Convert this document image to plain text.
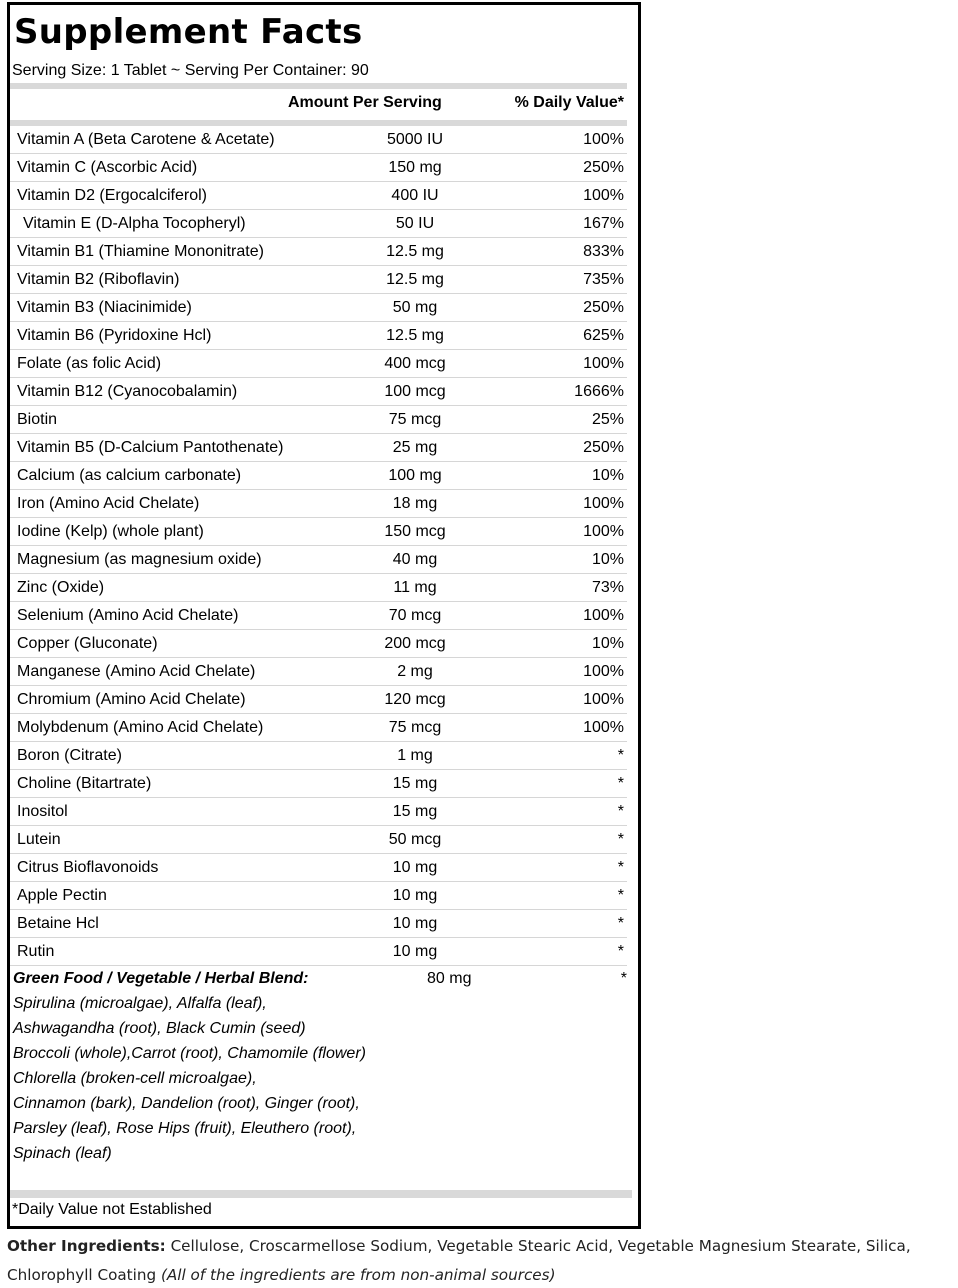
Supplement Facts
Serving Size: 1 Tablet ~ Serving Per Container: 90
Amount Per Serving	% Daily Value*
Vitamin A (Beta Carotene & Acetate)	5000 IU	100%
Vitamin C (Ascorbic Acid)	150 mg	250%
Vitamin D2 (Ergocalciferol)	400 IU	100%
Vitamin E (D-Alpha Tocopheryl)	50 IU	167%
Vitamin B1 (Thiamine Mononitrate)	12.5 mg	833%
Vitamin B2 (Riboflavin)	12.5 mg	735%
Vitamin B3 (Niacinimide)	50 mg	250%
Vitamin B6 (Pyridoxine Hcl)	12.5 mg	625%
Folate (as folic Acid)	400 mcg	100%
Vitamin B12 (Cyanocobalamin)	100 mcg	1666%
Biotin	75 mcg	25%
Vitamin B5 (D-Calcium Pantothenate)	25 mg	250%
Calcium (as calcium carbonate)	100 mg	10%
Iron (Amino Acid Chelate)	18 mg	100%
Iodine (Kelp) (whole plant)	150 mcg	100%
Magnesium (as magnesium oxide)	40 mg	10%
Zinc (Oxide)	11 mg	73%
Selenium (Amino Acid Chelate)	70 mcg	100%
Copper (Gluconate)	200 mcg	10%
Manganese (Amino Acid Chelate)	2 mg	100%
Chromium (Amino Acid Chelate)	120 mcg	100%
Molybdenum (Amino Acid Chelate)	75 mcg	100%
Boron (Citrate)	1 mg	*
Choline (Bitartrate)	15 mg	*
Inositol	15 mg	*
Lutein	50 mcg	*
Citrus Bioflavonoids	10 mg	*
Apple Pectin	10 mg	*
Betaine Hcl	10 mg	*
Rutin	10 mg	*
Green Food / Vegetable / Herbal Blend:	80 mg	*
Spirulina (microalgae), Alfalfa (leaf),
Ashwagandha (root), Black Cumin (seed)
Broccoli (whole),Carrot (root), Chamomile (flower)
Chlorella (broken-cell microalgae),
Cinnamon (bark), Dandelion (root), Ginger (root),
Parsley (leaf), Rose Hips (fruit), Eleuthero (root),
Spinach (leaf)
*Daily Value not Established
Other Ingredients: Cellulose, Croscarmellose Sodium, Vegetable Stearic Acid, Vegetable Magnesium Stearate, Silica, Chlorophyll Coating (All of the ingredients are from non-animal sources)
